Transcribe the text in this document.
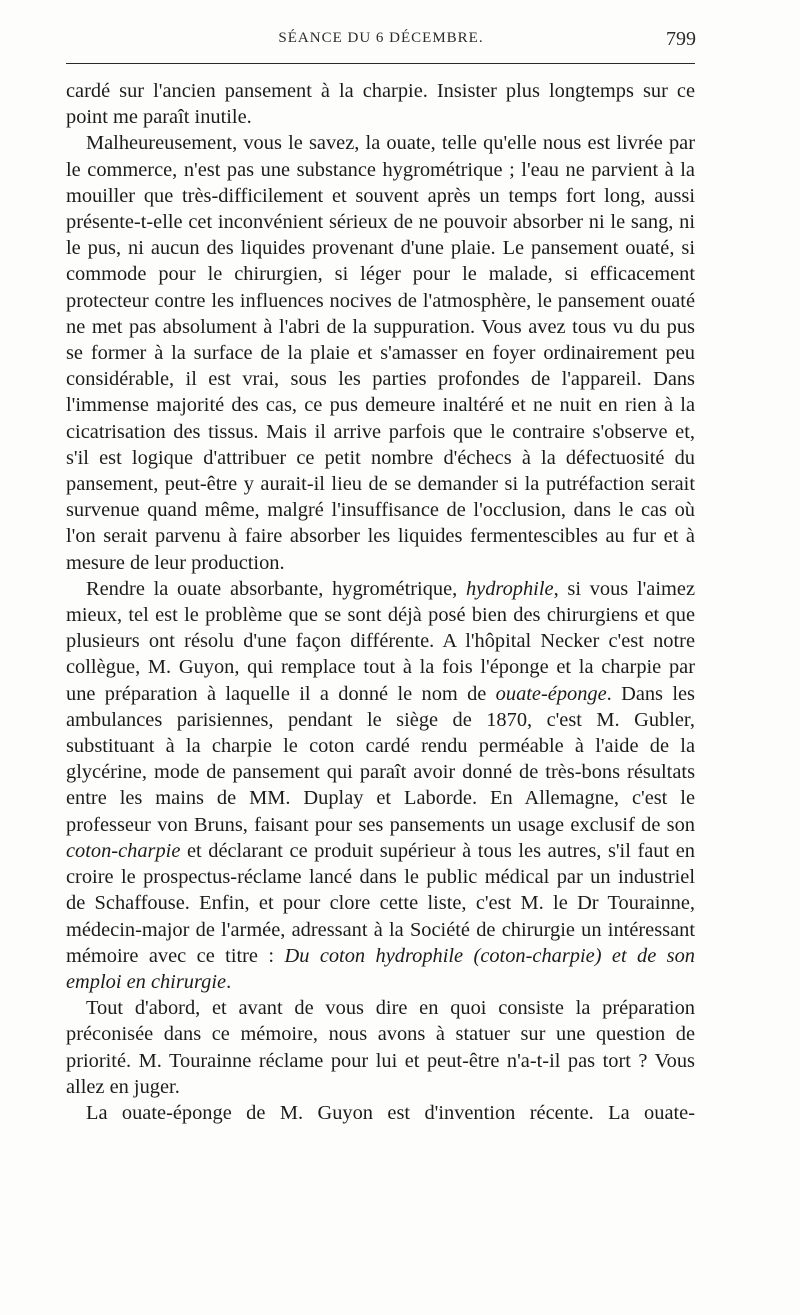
SÉANCE DU 6 DÉCEMBRE.	799

cardé sur l'ancien pansement à la charpie. Insister plus longtemps sur ce point me paraît inutile.

Malheureusement, vous le savez, la ouate, telle qu'elle nous est livrée par le commerce, n'est pas une substance hygrométrique ; l'eau ne parvient à la mouiller que très-difficilement et souvent après un temps fort long, aussi présente-t-elle cet inconvénient sérieux de ne pouvoir absorber ni le sang, ni le pus, ni aucun des liquides provenant d'une plaie. Le pansement ouaté, si commode pour le chirurgien, si léger pour le malade, si efficacement protecteur contre les influences nocives de l'atmosphère, le pansement ouaté ne met pas absolument à l'abri de la suppuration. Vous avez tous vu du pus se former à la surface de la plaie et s'amasser en foyer ordinairement peu considérable, il est vrai, sous les parties profondes de l'appareil. Dans l'immense majorité des cas, ce pus demeure inaltéré et ne nuit en rien à la cicatrisation des tissus. Mais il arrive parfois que le contraire s'observe et, s'il est logique d'attribuer ce petit nombre d'échecs à la défectuosité du pansement, peut-être y aurait-il lieu de se demander si la putréfaction serait survenue quand même, malgré l'insuffisance de l'occlusion, dans le cas où l'on serait parvenu à faire absorber les liquides fermentescibles au fur et à mesure de leur production.

Rendre la ouate absorbante, hygrométrique, hydrophile, si vous l'aimez mieux, tel est le problème que se sont déjà posé bien des chirurgiens et que plusieurs ont résolu d'une façon différente. A l'hôpital Necker c'est notre collègue, M. Guyon, qui remplace tout à la fois l'éponge et la charpie par une préparation à laquelle il a donné le nom de ouate-éponge. Dans les ambulances parisiennes, pendant le siège de 1870, c'est M. Gubler, substituant à la charpie le coton cardé rendu perméable à l'aide de la glycérine, mode de pansement qui paraît avoir donné de très-bons résultats entre les mains de MM. Duplay et Laborde. En Allemagne, c'est le professeur von Bruns, faisant pour ses pansements un usage exclusif de son coton-charpie et déclarant ce produit supérieur à tous les autres, s'il faut en croire le prospectus-réclame lancé dans le public médical par un industriel de Schaffouse. Enfin, et pour clore cette liste, c'est M. le Dr Tourainne, médecin-major de l'armée, adressant à la Société de chirurgie un intéressant mémoire avec ce titre : Du coton hydrophile (coton-charpie) et de son emploi en chirurgie.

Tout d'abord, et avant de vous dire en quoi consiste la préparation préconisée dans ce mémoire, nous avons à statuer sur une question de priorité. M. Tourainne réclame pour lui et peut-être n'a-t-il pas tort ? Vous allez en juger.

La ouate-éponge de M. Guyon est d'invention récente. La ouate-
